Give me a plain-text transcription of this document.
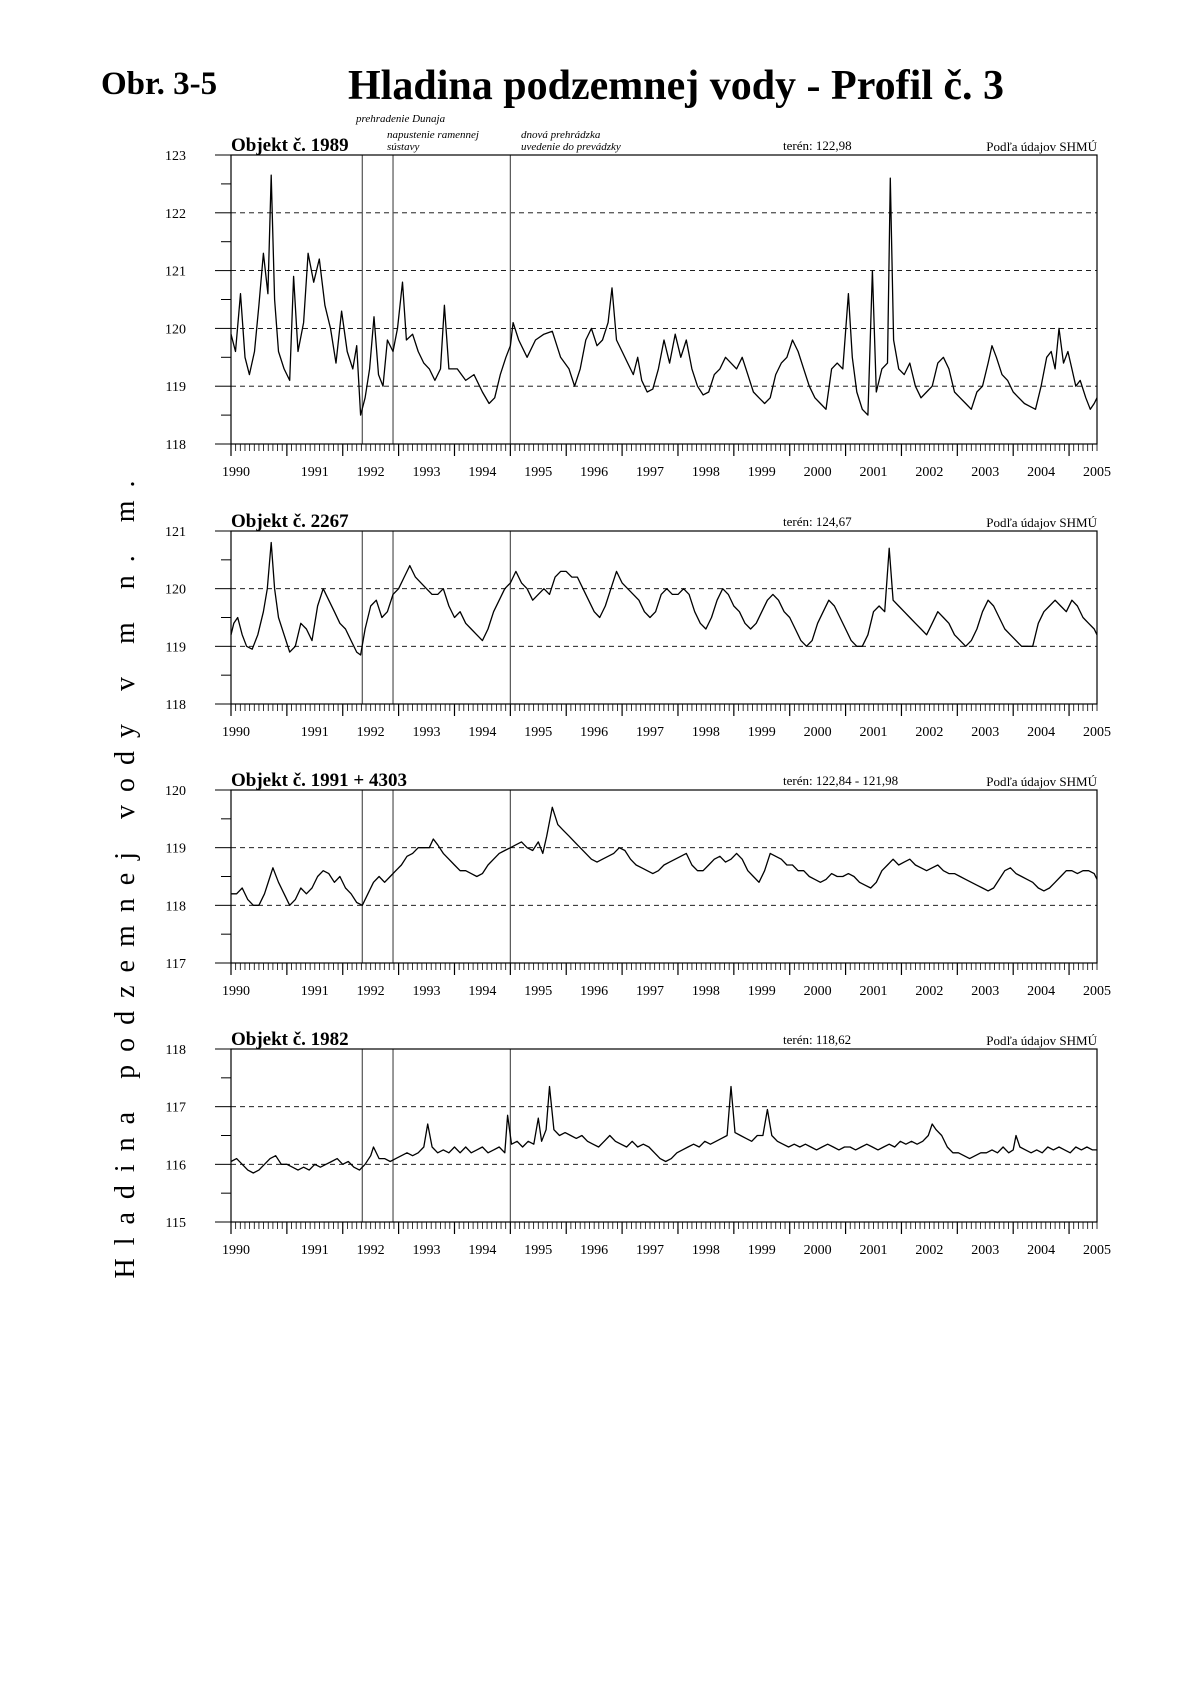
Obr. 3-5	Hladina podzemnej vody - Profil č. 3
Hladina podzemnej vody v m n. m.
118
119
120
121
122
123
1990	1991 1992 1993 1994 1995 1996 1997 1998 1999 2000 2001 2002 2003 2004 2005
Objekt č. 1989	terén: 122,98	Podľa údajov SHMÚ
118
119
120
121
1990	1991 1992 1993 1994 1995 1996 1997 1998 1999 2000 2001 2002 2003 2004 2005
Objekt č. 2267	terén: 124,67	Podľa údajov SHMÚ
117
118
119
120
1990	1991 1992 1993 1994 1995 1996 1997 1998 1999 2000 2001 2002 2003 2004 2005
Objekt č. 1991 + 4303	terén: 122,84 - 121,98	Podľa údajov SHMÚ
115
116
117
118
1990	1991 1992 1993 1994 1995 1996 1997 1998 1999 2000 2001 2002 2003 2004 2005
Objekt č. 1982	terén: 118,62	Podľa údajov SHMÚ
prehradenie Dunaja
napustenie ramennej
sústavy
dnová prehrádzka
uvedenie do prevádzky
